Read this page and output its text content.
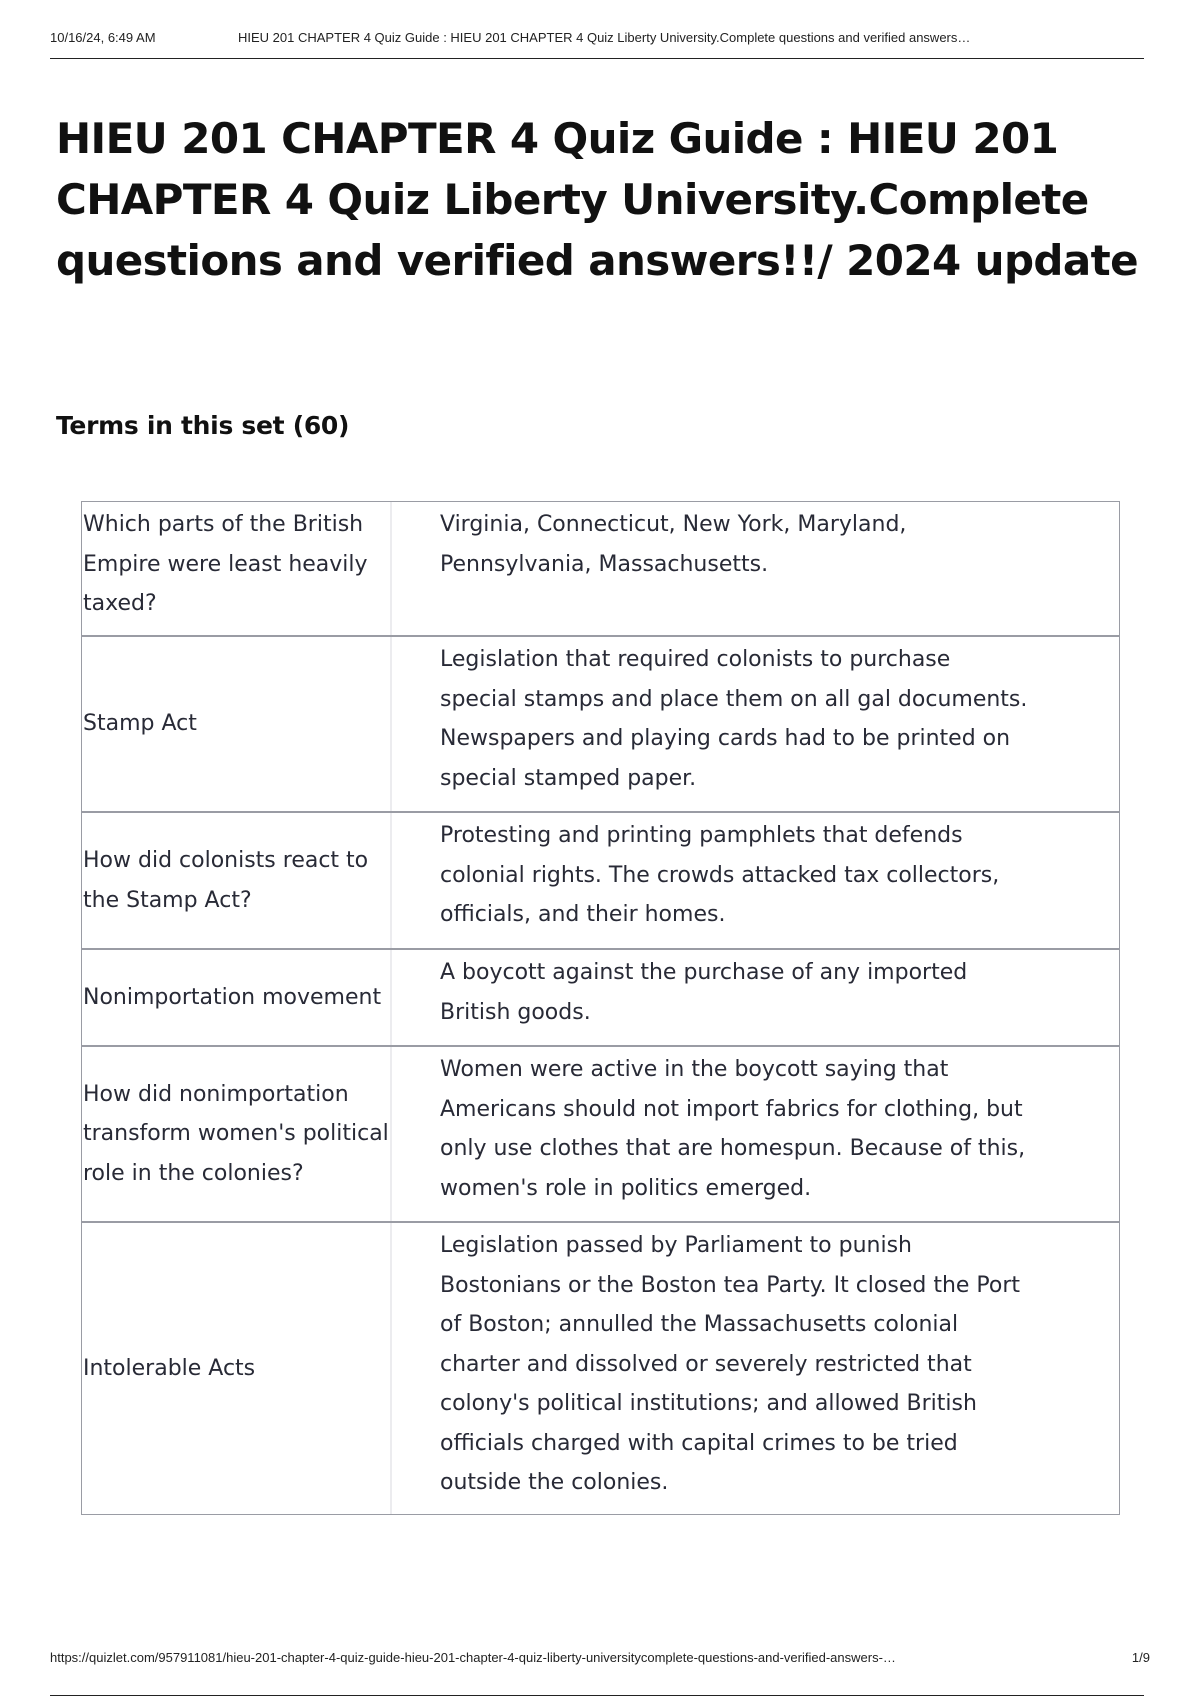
10/16/24, 6:49 AM	HIEU 201 CHAPTER 4 Quiz Guide : HIEU 201 CHAPTER 4 Quiz Liberty University.Complete questions and verified answers…
HIEU 201 CHAPTER 4 Quiz Guide : HIEU 201 CHAPTER 4 Quiz Liberty University.Complete questions and verified answers!!/ 2024 update
Terms in this set (60)
Which parts of the British Empire were least heavily taxed?
Virginia, Connecticut, New York, Maryland, Pennsylvania, Massachusetts.
Stamp Act
Legislation that required colonists to purchase special stamps and place them on all gal documents. Newspapers and playing cards had to be printed on special stamped paper.
How did colonists react to the Stamp Act?
Protesting and printing pamphlets that defends colonial rights. The crowds attacked tax collectors, officials, and their homes.
Nonimportation movement
A boycott against the purchase of any imported British goods.
How did nonimportation transform women's political role in the colonies?
Women were active in the boycott saying that Americans should not import fabrics for clothing, but only use clothes that are homespun. Because of this, women's role in politics emerged.
Intolerable Acts
Legislation passed by Parliament to punish Bostonians or the Boston tea Party. It closed the Port of Boston; annulled the Massachusetts colonial charter and dissolved or severely restricted that colony's political institutions; and allowed British officials charged with capital crimes to be tried outside the colonies.
https://quizlet.com/957911081/hieu-201-chapter-4-quiz-guide-hieu-201-chapter-4-quiz-liberty-universitycomplete-questions-and-verified-answers-…	1/9
